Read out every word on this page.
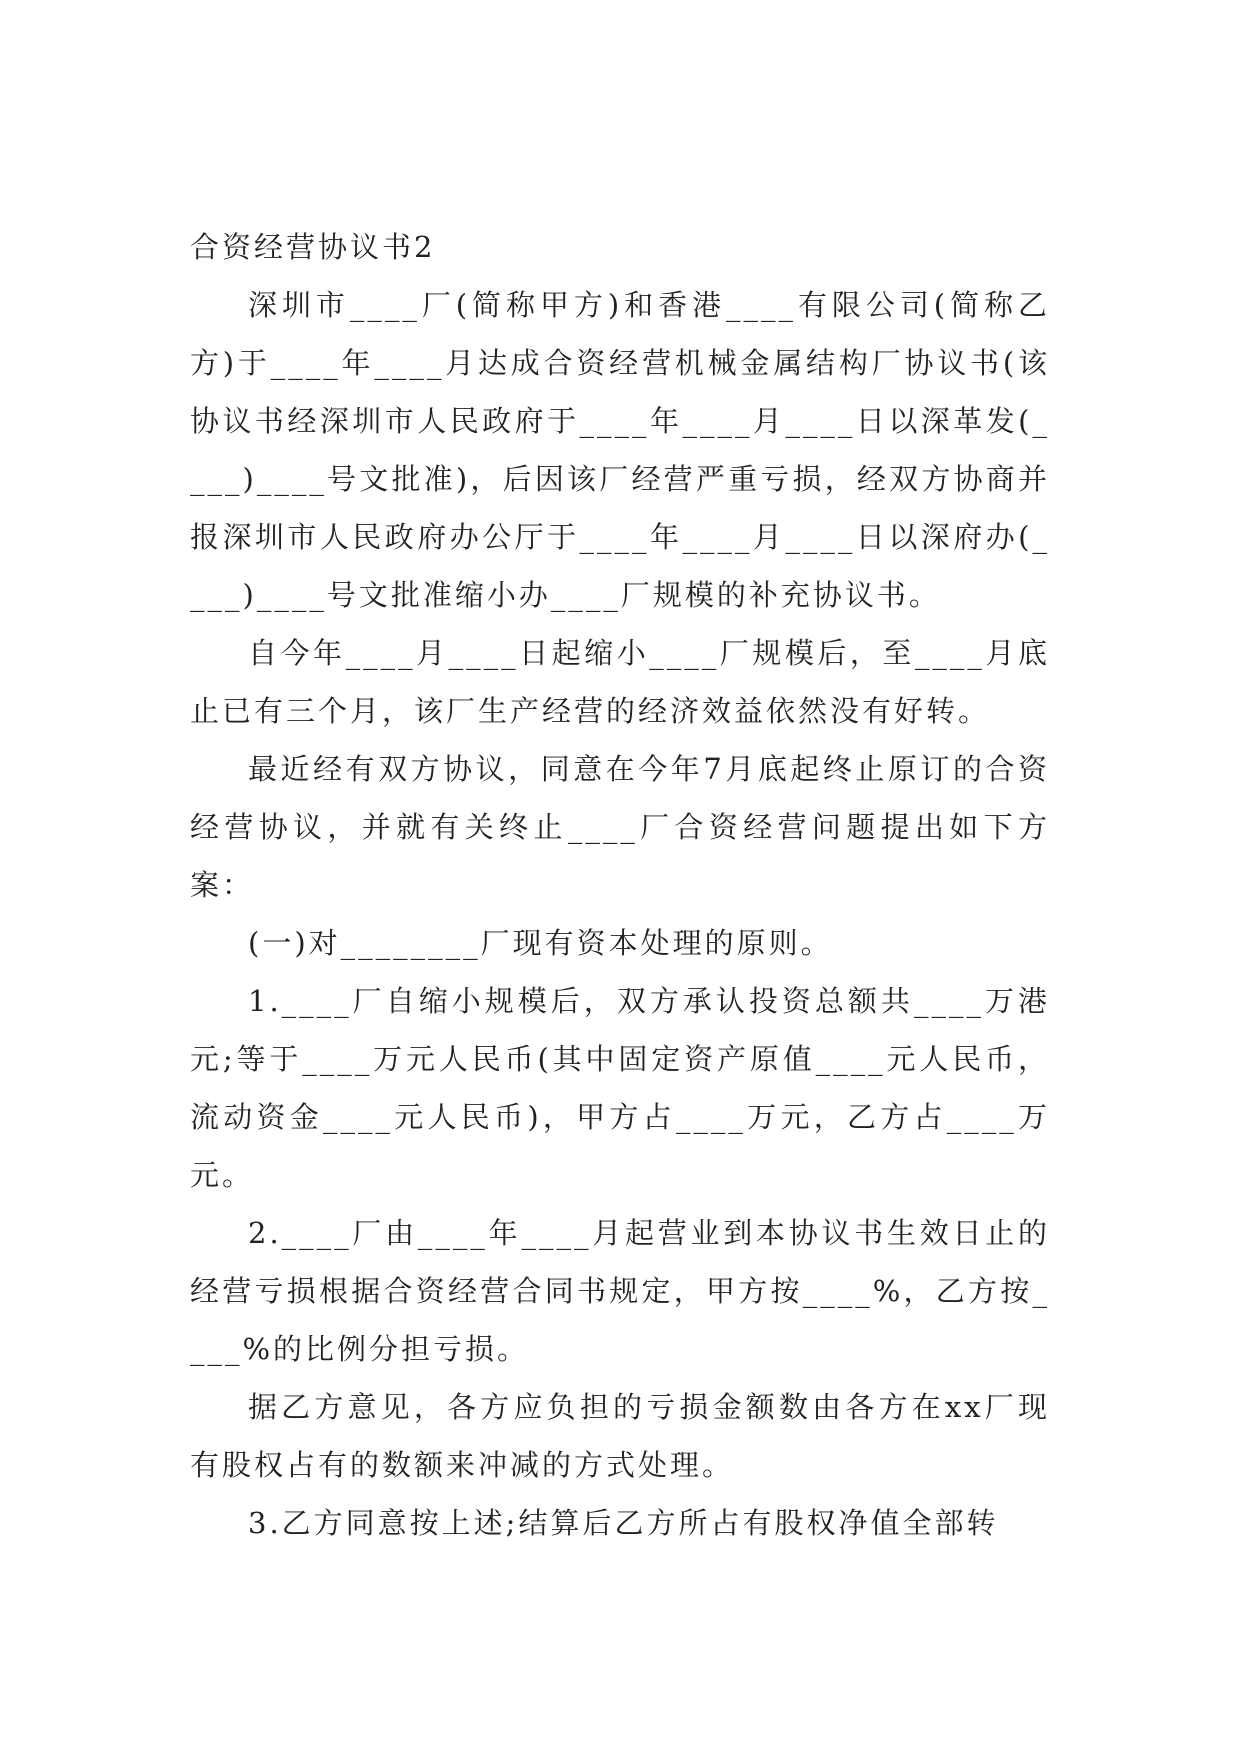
合资经营协议书2

深圳市____厂(简称甲方)和香港____有限公司(简称乙方)于____年____月达成合资经营机械金属结构厂协议书(该协议书经深圳市人民政府于____年____月____日以深革发(____)____号文批准)，后因该厂经营严重亏损，经双方协商并报深圳市人民政府办公厅于____年____月____日以深府办(____)____号文批准缩小办____厂规模的补充协议书。

自今年____月____日起缩小____厂规模后，至____月底止已有三个月，该厂生产经营的经济效益依然没有好转。

最近经有双方协议，同意在今年7月底起终止原订的合资经营协议，并就有关终止____厂合资经营问题提出如下方案：

(一)对________厂现有资本处理的原则。

1.____厂自缩小规模后，双方承认投资总额共____万港元;等于____万元人民币(其中固定资产原值____元人民币，流动资金____元人民币)，甲方占____万元，乙方占____万元。

2.____厂由____年____月起营业到本协议书生效日止的经营亏损根据合资经营合同书规定，甲方按____%，乙方按____%的比例分担亏损。

据乙方意见，各方应负担的亏损金额数由各方在xx厂现有股权占有的数额来冲减的方式处理。

3.乙方同意按上述;结算后乙方所占有股权净值全部转
